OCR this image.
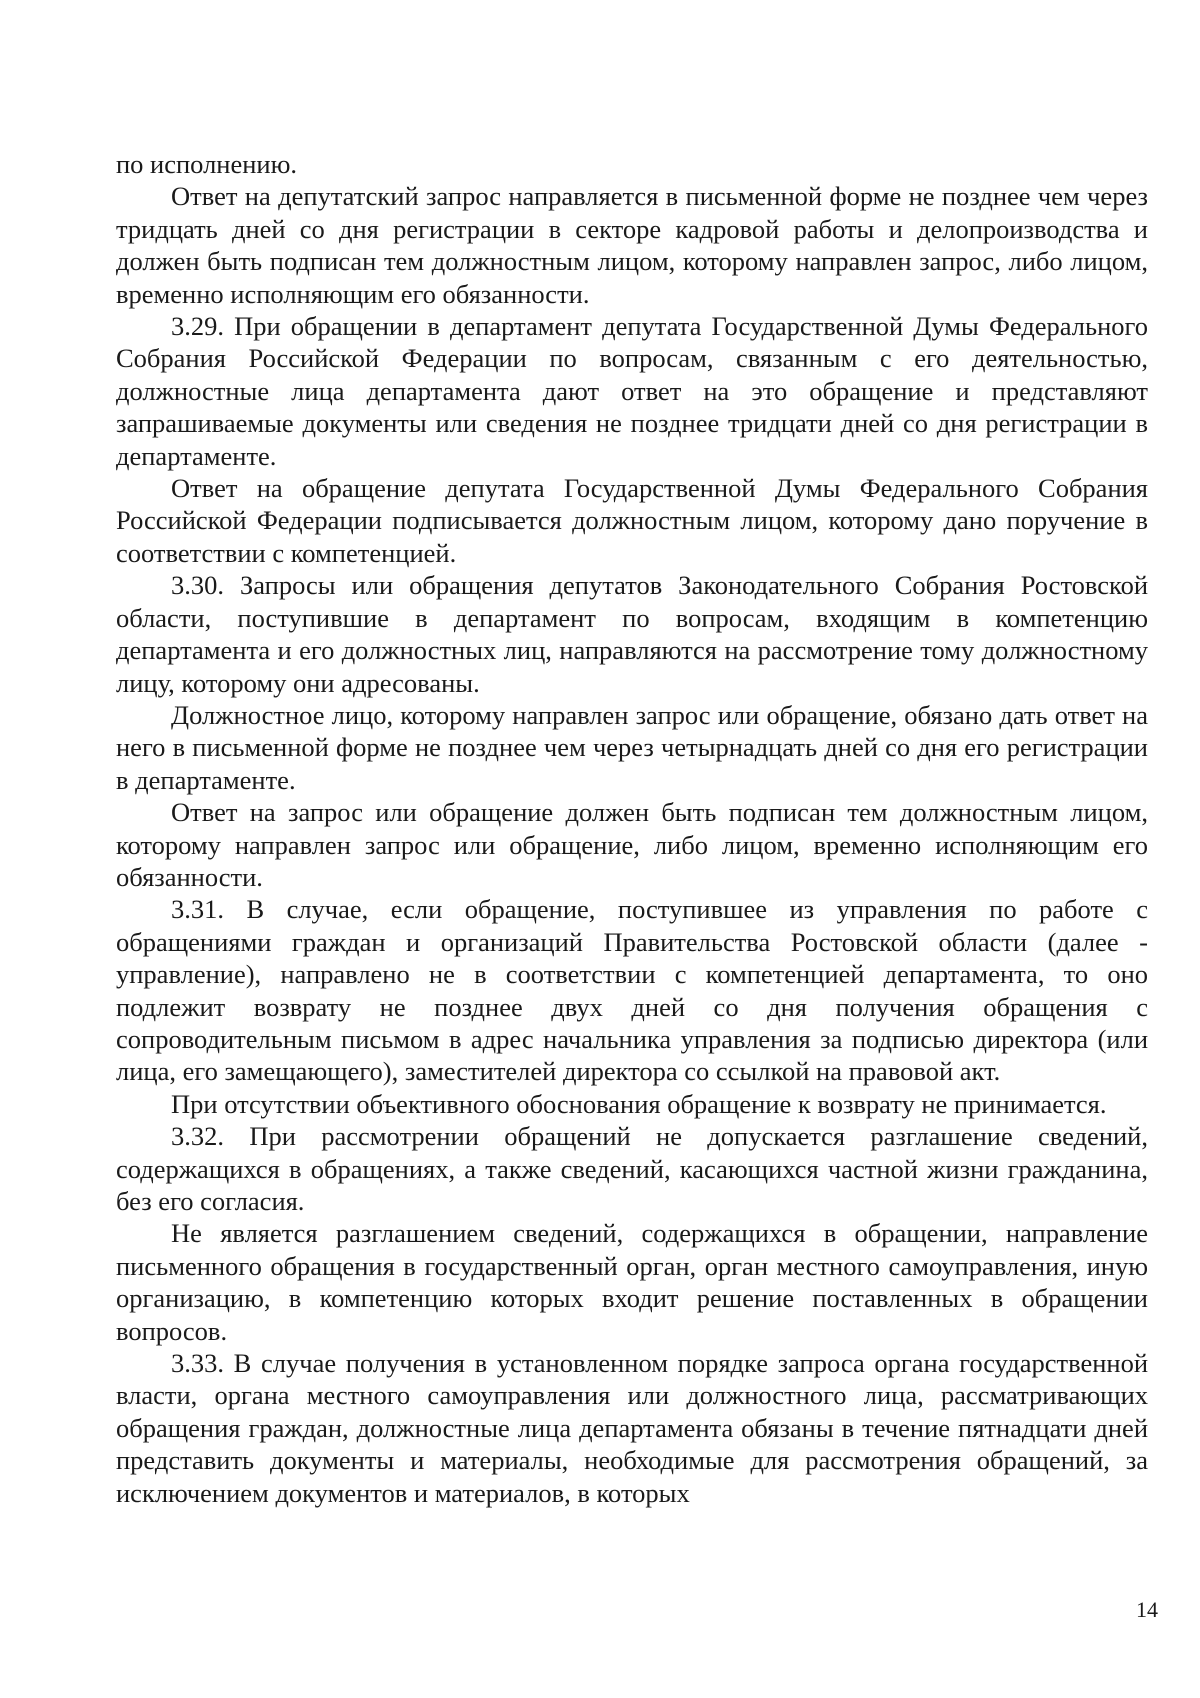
по исполнению.

Ответ на депутатский запрос направляется в письменной форме не позднее чем через тридцать дней со дня регистрации в секторе кадровой работы и делопроизводства и должен быть подписан тем должностным лицом, которому направлен запрос, либо лицом, временно исполняющим его обязанности.

3.29. При обращении в департамент депутата Государственной Думы Федерального Собрания Российской Федерации по вопросам, связанным с его деятельностью, должностные лица департамента дают ответ на это обращение и представляют запрашиваемые документы или сведения не позднее тридцати дней со дня регистрации в департаменте.

Ответ на обращение депутата Государственной Думы Федерального Собрания Российской Федерации подписывается должностным лицом, которому дано поручение в соответствии с компетенцией.

3.30. Запросы или обращения депутатов Законодательного Собрания Ростовской области, поступившие в департамент по вопросам, входящим в компетенцию департамента и его должностных лиц, направляются на рассмотрение тому должностному лицу, которому они адресованы.

Должностное лицо, которому направлен запрос или обращение, обязано дать ответ на него в письменной форме не позднее чем через четырнадцать дней со дня его регистрации в департаменте.

Ответ на запрос или обращение должен быть подписан тем должностным лицом, которому направлен запрос или обращение, либо лицом, временно исполняющим его обязанности.

3.31. В случае, если обращение, поступившее из управления по работе с обращениями граждан и организаций Правительства Ростовской области (далее - управление), направлено не в соответствии с компетенцией департамента, то оно подлежит возврату не позднее двух дней со дня получения обращения с сопроводительным письмом в адрес начальника управления за подписью директора (или лица, его замещающего), заместителей директора со ссылкой на правовой акт.

При отсутствии объективного обоснования обращение к возврату не принимается.

3.32. При рассмотрении обращений не допускается разглашение сведений, содержащихся в обращениях, а также сведений, касающихся частной жизни гражданина, без его согласия.

Не является разглашением сведений, содержащихся в обращении, направление письменного обращения в государственный орган, орган местного самоуправления, иную организацию, в компетенцию которых входит решение поставленных в обращении вопросов.

3.33. В случае получения в установленном порядке запроса органа государственной власти, органа местного самоуправления или должностного лица, рассматривающих обращения граждан, должностные лица департамента обязаны в течение пятнадцати дней представить документы и материалы, необходимые для рассмотрения обращений, за исключением документов и материалов, в которых

14
